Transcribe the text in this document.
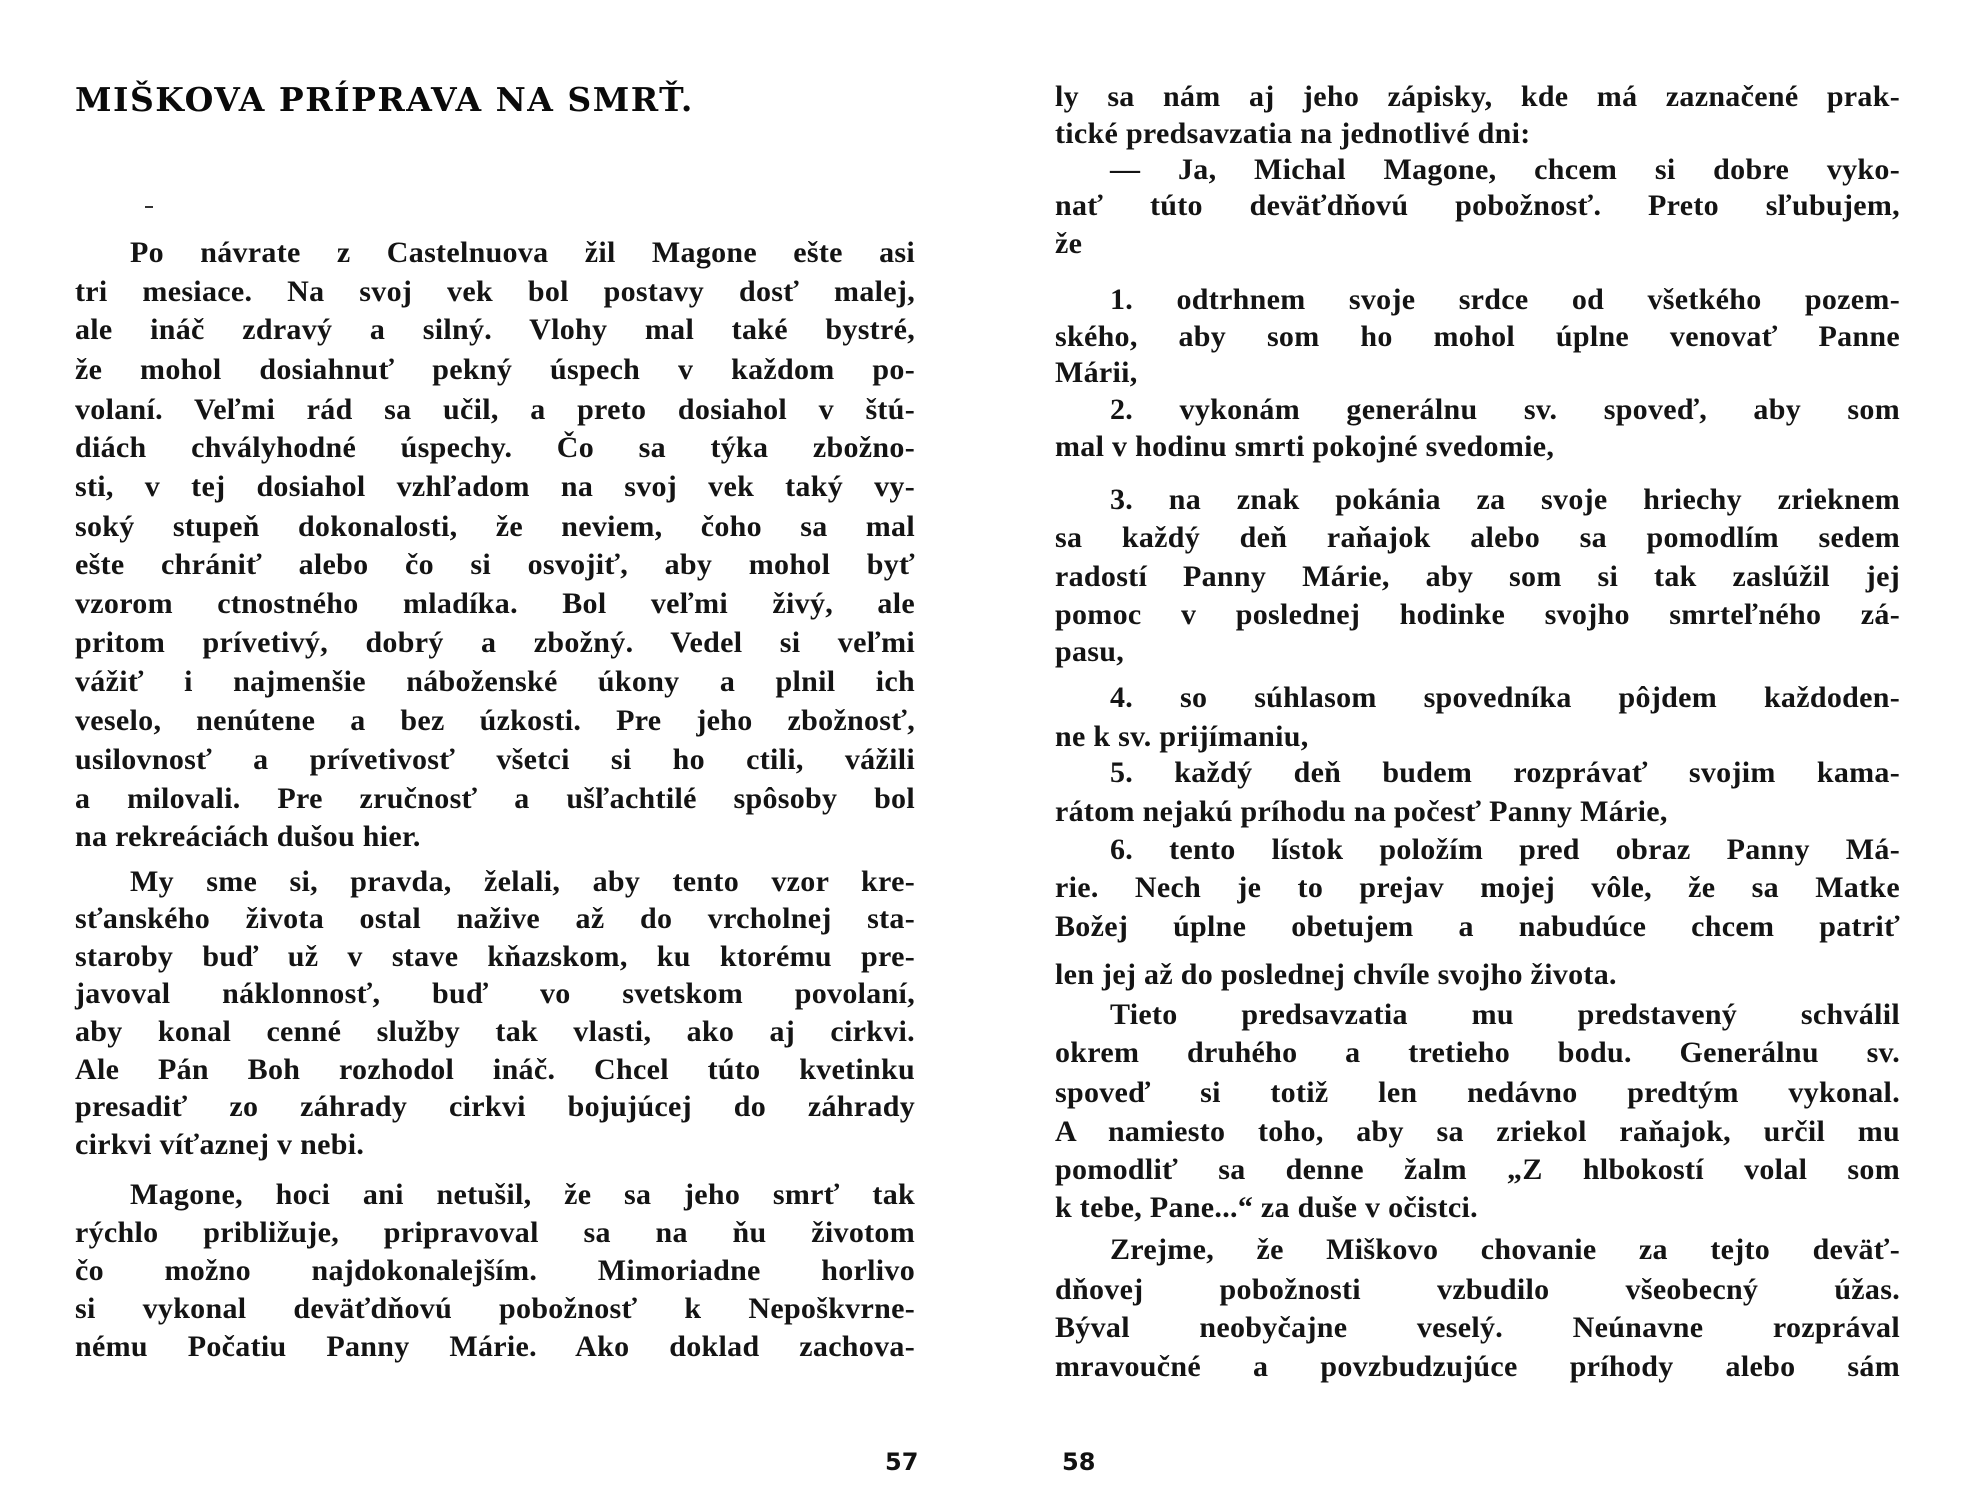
MIŠKOVA PRÍPRAVA NA SMRŤ.
Po návrate z Castelnuova žil Magone ešte asi
tri mesiace. Na svoj vek bol postavy dosť malej,
ale ináč zdravý a silný. Vlohy mal také bystré,
že mohol dosiahnuť pekný úspech v každom po-
volaní. Veľmi rád sa učil, a preto dosiahol v štú-
diách chvályhodné úspechy. Čo sa týka zbožno-
sti, v tej dosiahol vzhľadom na svoj vek taký vy-
soký stupeň dokonalosti, že neviem, čoho sa mal
ešte chrániť alebo čo si osvojiť, aby mohol byť
vzorom ctnostného mladíka. Bol veľmi živý, ale
pritom prívetivý, dobrý a zbožný. Vedel si veľmi
vážiť i najmenšie náboženské úkony a plnil ich
veselo, nenútene a bez úzkosti. Pre jeho zbožnosť,
usilovnosť a prívetivosť všetci si ho ctili, vážili
a milovali. Pre zručnosť a ušľachtilé spôsoby bol
na rekreáciách dušou hier.
My sme si, pravda, želali, aby tento vzor kre-
sťanského života ostal nažive až do vrcholnej sta-
staroby buď už v stave kňazskom, ku ktorému pre-
javoval náklonnosť, buď vo svetskom povolaní,
aby konal cenné služby tak vlasti, ako aj cirkvi.
Ale Pán Boh rozhodol ináč. Chcel túto kvetinku
presadiť zo záhrady cirkvi bojujúcej do záhrady
cirkvi víťaznej v nebi.
Magone, hoci ani netušil, že sa jeho smrť tak
rýchlo približuje, pripravoval sa na ňu životom
čo možno najdokonalejším. Mimoriadne horlivo
si vykonal deväťdňovú pobožnosť k Nepoškvrne-
nému Počatiu Panny Márie. Ako doklad zachova-
57
ly sa nám aj jeho zápisky, kde má zaznačené prak-
tické predsavzatia na jednotlivé dni:
— Ja, Michal Magone, chcem si dobre vyko-
nať túto deväťdňovú pobožnosť. Preto sľubujem,
že
1. odtrhnem svoje srdce od všetkého pozem-
ského, aby som ho mohol úplne venovať Panne
Márii,
2. vykonám generálnu sv. spoveď, aby som
mal v hodinu smrti pokojné svedomie,
3. na znak pokánia za svoje hriechy zrieknem
sa každý deň raňajok alebo sa pomodlím sedem
radostí Panny Márie, aby som si tak zaslúžil jej
pomoc v poslednej hodinke svojho smrteľného zá-
pasu,
4. so súhlasom spovedníka pôjdem každoden-
ne k sv. prijímaniu,
5. každý deň budem rozprávať svojim kama-
rátom nejakú príhodu na počesť Panny Márie,
6. tento lístok položím pred obraz Panny Má-
rie. Nech je to prejav mojej vôle, že sa Matke
Božej úplne obetujem a nabudúce chcem patriť
len jej až do poslednej chvíle svojho života.
Tieto predsavzatia mu predstavený schválil
okrem druhého a tretieho bodu. Generálnu sv.
spoveď si totiž len nedávno predtým vykonal.
A namiesto toho, aby sa zriekol raňajok, určil mu
pomodliť sa denne žalm „Z hlbokostí volal som
k tebe, Pane...“ za duše v očistci.
Zrejme, že Miškovo chovanie za tejto deväť-
dňovej pobožnosti vzbudilo všeobecný úžas.
Býval neobyčajne veselý. Neúnavne rozprával
mravoučné a povzbudzujúce príhody alebo sám
58
